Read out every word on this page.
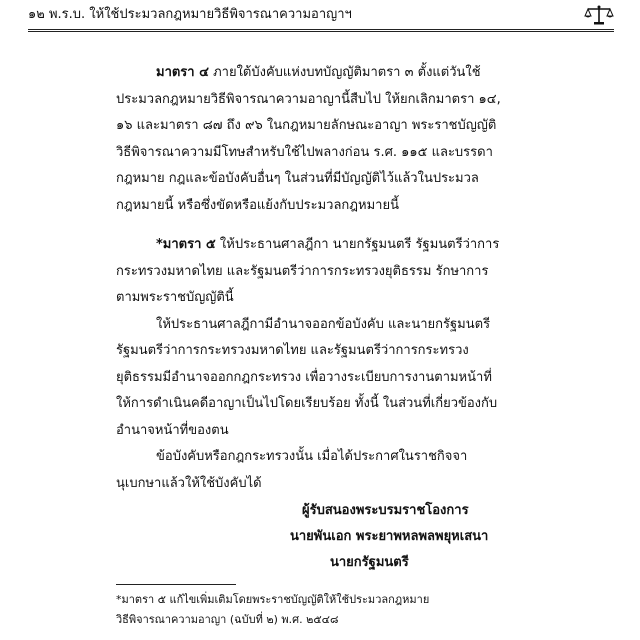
๑๒ พ.ร.บ. ให้ใช้ประมวลกฎหมายวิธีพิจารณาความอาญาฯ
มาตรา ๔ ภายใต้บังคับแห่งบทบัญญัติมาตรา ๓ ตั้งแต่วันใช้
ประมวลกฎหมายวิธีพิจารณาความอาญานี้สืบไป ให้ยกเลิกมาตรา ๑๔,
๑๖ และมาตรา ๘๗ ถึง ๙๖ ในกฎหมายลักษณะอาญา พระราชบัญญัติ
วิธีพิจารณาความมีโทษสำหรับใช้ไปพลางก่อน ร.ศ. ๑๑๕ และบรรดา
กฎหมาย กฎและข้อบังคับอื่นๆ ในส่วนที่มีบัญญัติไว้แล้วในประมวล
กฎหมายนี้ หรือซึ่งขัดหรือแย้งกับประมวลกฎหมายนี้
*มาตรา ๕ ให้ประธานศาลฎีกา นายกรัฐมนตรี รัฐมนตรีว่าการ
กระทรวงมหาดไทย และรัฐมนตรีว่าการกระทรวงยุติธรรม รักษาการ
ตามพระราชบัญญัตินี้
ให้ประธานศาลฎีกามีอำนาจออกข้อบังคับ และนายกรัฐมนตรี
รัฐมนตรีว่าการกระทรวงมหาดไทย และรัฐมนตรีว่าการกระทรวง
ยุติธรรมมีอำนาจออกกฎกระทรวง เพื่อวางระเบียบการงานตามหน้าที่
ให้การดำเนินคดีอาญาเป็นไปโดยเรียบร้อย ทั้งนี้ ในส่วนที่เกี่ยวข้องกับ
อำนาจหน้าที่ของตน
ข้อบังคับหรือกฎกระทรวงนั้น เมื่อได้ประกาศในราชกิจจา
นุเบกษาแล้วให้ใช้บังคับได้
ผู้รับสนองพระบรมราชโองการ
นายพันเอก พระยาพหลพลพยุหเสนา
นายกรัฐมนตรี
*มาตรา ๕ แก้ไขเพิ่มเติมโดยพระราชบัญญัติให้ใช้ประมวลกฎหมาย
วิธีพิจารณาความอาญา (ฉบับที่ ๒) พ.ศ. ๒๕๔๘
